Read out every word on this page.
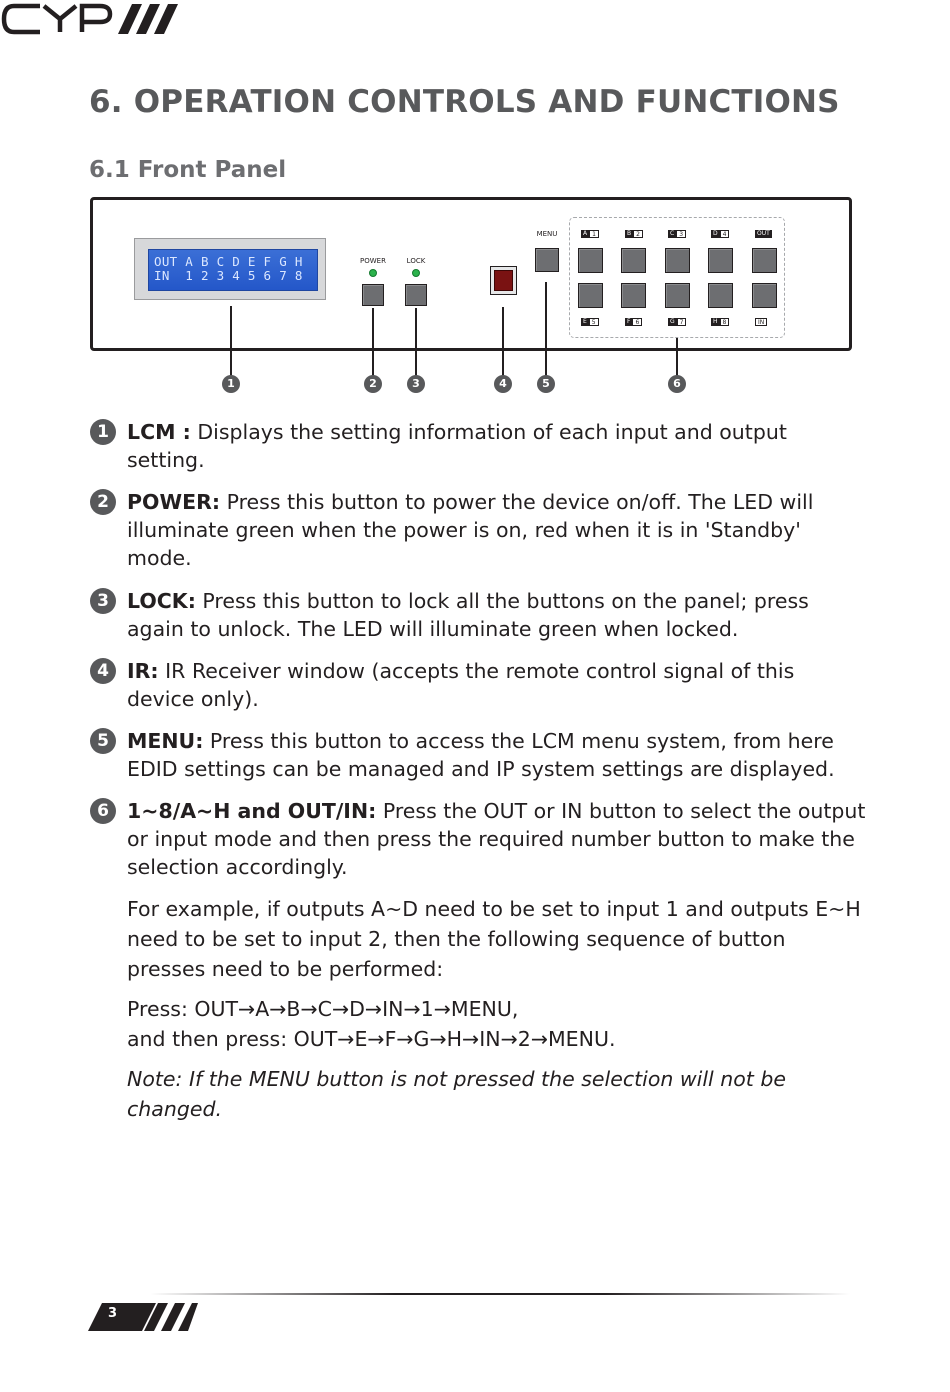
6. OPERATION CONTROLS AND FUNCTIONS
6.1 Front Panel
OUT A B C D E F G H
IN  1 2 3 4 5 6 7 8
POWER	LOCK
MENU	A 1	B 2	C 3	D 4	OUT
E 5	F 6	G 7	H 8	IN
1	2	3	4	5	6
1 LCM : Displays the setting information of each input and output setting.
2 POWER: Press this button to power the device on/off. The LED will illuminate green when the power is on, red when it is in 'Standby' mode.
3 LOCK: Press this button to lock all the buttons on the panel; press again to unlock. The LED will illuminate green when locked.
4 IR: IR Receiver window (accepts the remote control signal of this device only).
5 MENU: Press this button to access the LCM menu system, from here EDID settings can be managed and IP system settings are displayed.
6 1~8/A~H and OUT/IN: Press the OUT or IN button to select the output or input mode and then press the required number button to make the selection accordingly.
For example, if outputs A~D need to be set to input 1 and outputs E~H need to be set to input 2, then the following sequence of button presses need to be performed:
Press: OUT→A→B→C→D→IN→1→MENU,
and then press: OUT→E→F→G→H→IN→2→MENU.
Note: If the MENU button is not pressed the selection will not be changed.
3
